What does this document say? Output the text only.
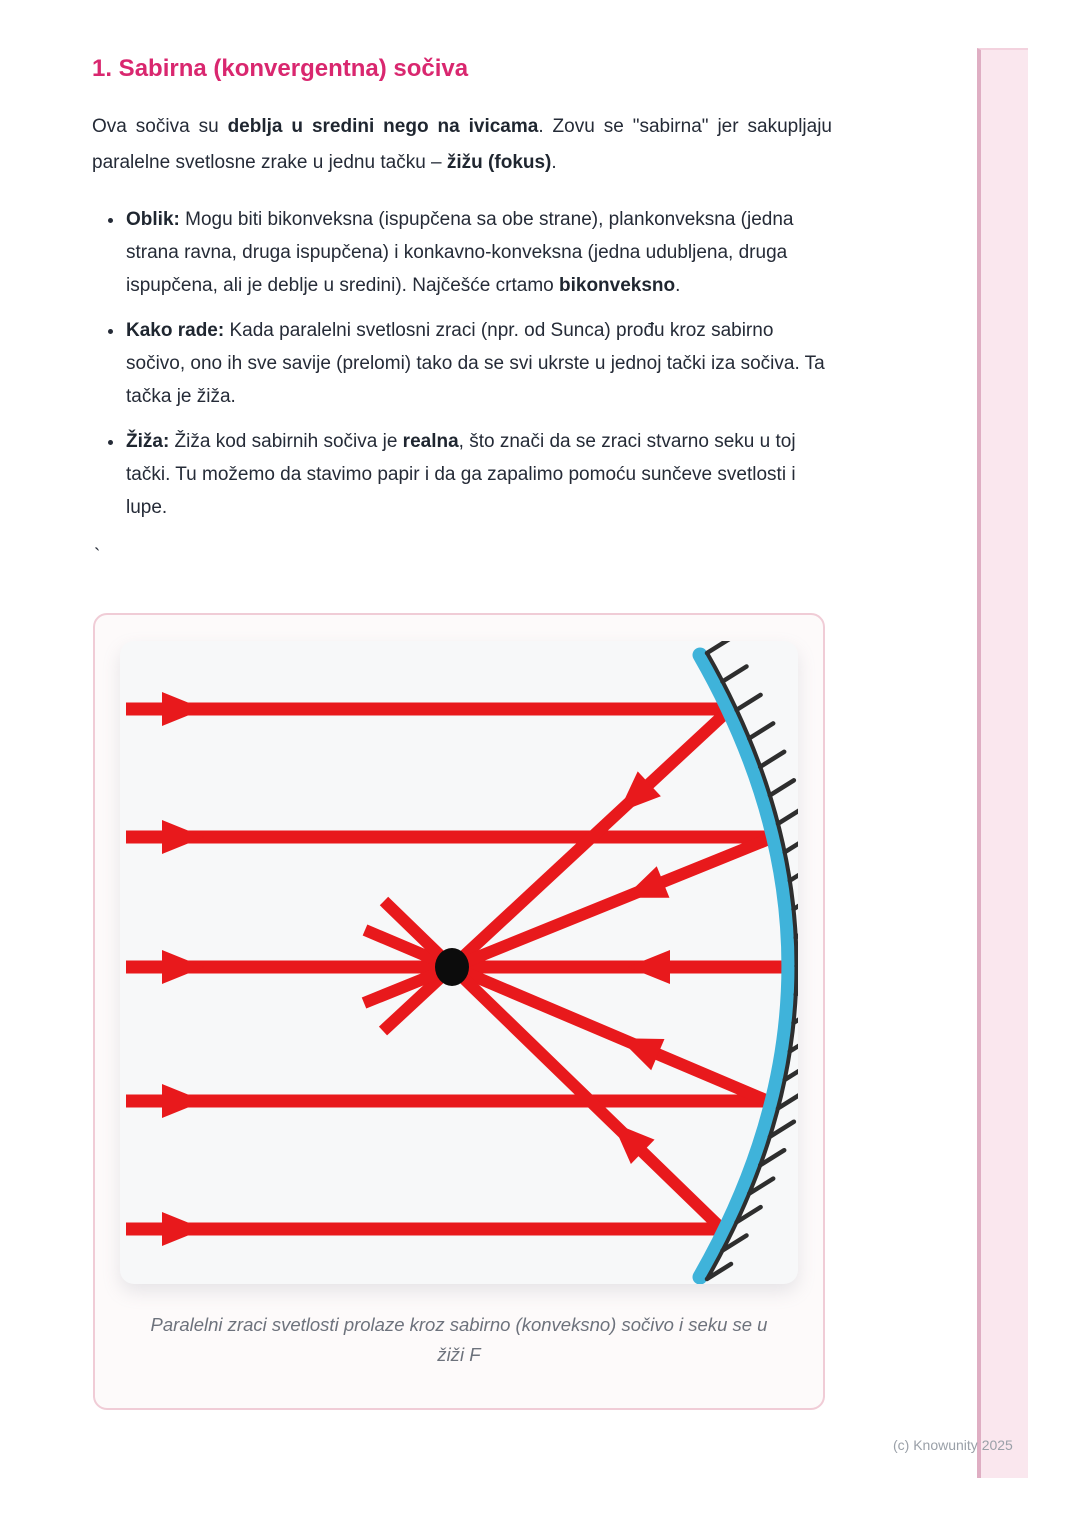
1. Sabirna (konvergentna) sočiva

Ova sočiva su deblja u sredini nego na ivicama. Zovu se "sabirna" jer sakupljaju paralelne svetlosne zrake u jednu tačku – žižu (fokus).

• Oblik: Mogu biti bikonveksna (ispupčena sa obe strane), plankonveksna (jedna strana ravna, druga ispupčena) i konkavno-konveksna (jedna udubljena, druga ispupčena, ali je deblje u sredini). Najčešće crtamo bikonveksno.
• Kako rade: Kada paralelni svetlosni zraci (npr. od Sunca) prođu kroz sabirno sočivo, ono ih sve savije (prelomi) tako da se svi ukrste u jednoj tački iza sočiva. Ta tačka je žiža.
• Žiža: Žiža kod sabirnih sočiva je realna, što znači da se zraci stvarno seku u toj tački. Tu možemo da stavimo papir i da ga zapalimo pomoću sunčeve svetlosti i lupe.
`
Paralelni zraci svetlosti prolaze kroz sabirno (konveksno) sočivo i seku se u
žiži F
(c) Knowunity 2025
